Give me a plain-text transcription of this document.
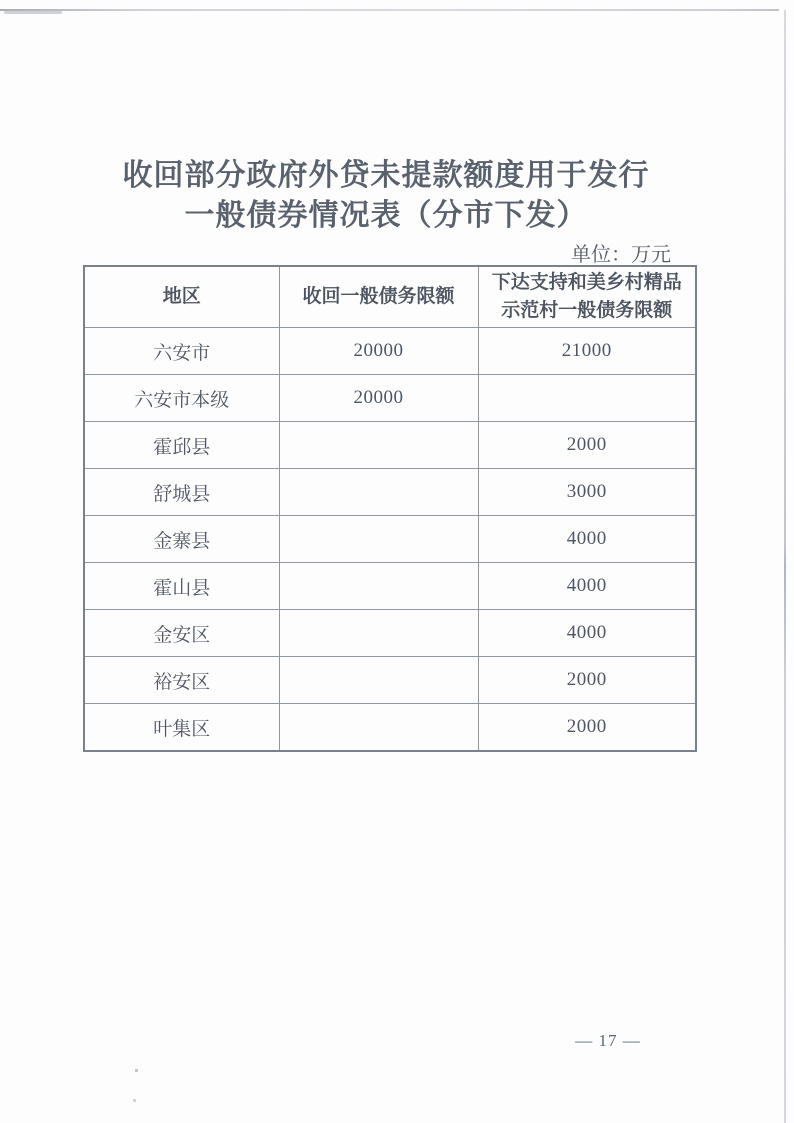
收回部分政府外贷未提款额度用于发行
一般债券情况表（分市下发）
单位：万元
地区	收回一般债务限额	下达支持和美乡村精品
示范村一般债务限额

六安市	20000	21000
六安市本级	20000	
霍邱县		2000
舒城县		3000
金寨县		4000
霍山县		4000
金安区		4000
裕安区		2000
叶集区		2000
— 17 —
